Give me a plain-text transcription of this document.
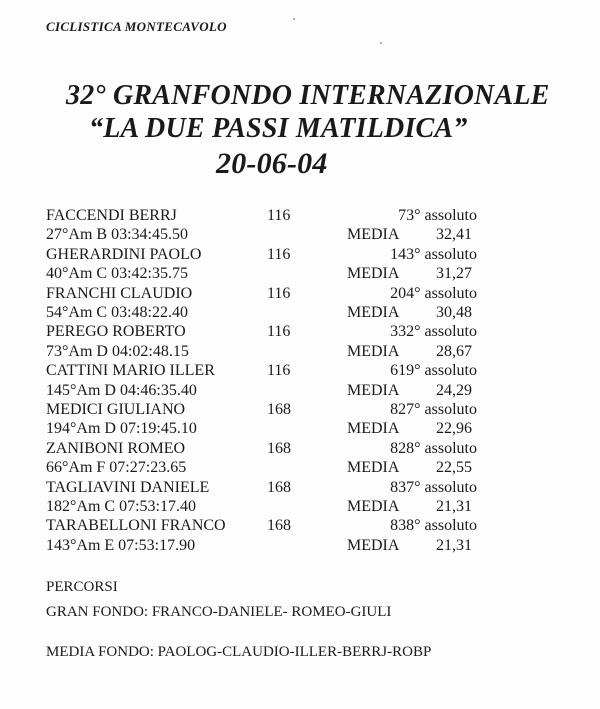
CICLISTICA MONTECAVOLO
32° GRANFONDO INTERNAZIONALE
“LA DUE PASSI MATILDICA”
20-06-04
FACCENDI BERRJ	116	73° assoluto
27°Am B 03:34:45.50	MEDIA	32,41
GHERARDINI PAOLO	116	143° assoluto
40°Am C 03:42:35.75	MEDIA	31,27
FRANCHI CLAUDIO	116	204° assoluto
54°Am C 03:48:22.40	MEDIA	30,48
PEREGO ROBERTO	116	332° assoluto
73°Am D 04:02:48.15	MEDIA	28,67
CATTINI MARIO ILLER	116	619° assoluto
145°Am D 04:46:35.40	MEDIA	24,29
MEDICI GIULIANO	168	827° assoluto
194°Am D 07:19:45.10	MEDIA	22,96
ZANIBONI ROMEO	168	828° assoluto
66°Am F 07:27:23.65	MEDIA	22,55
TAGLIAVINI DANIELE	168	837° assoluto
182°Am C 07:53:17.40	MEDIA	21,31
TARABELLONI FRANCO	168	838° assoluto
143°Am E 07:53:17.90	MEDIA	21,31
PERCORSI
GRAN FONDO: FRANCO-DANIELE- ROMEO-GIULI
MEDIA FONDO: PAOLOG-CLAUDIO-ILLER-BERRJ-ROBP
